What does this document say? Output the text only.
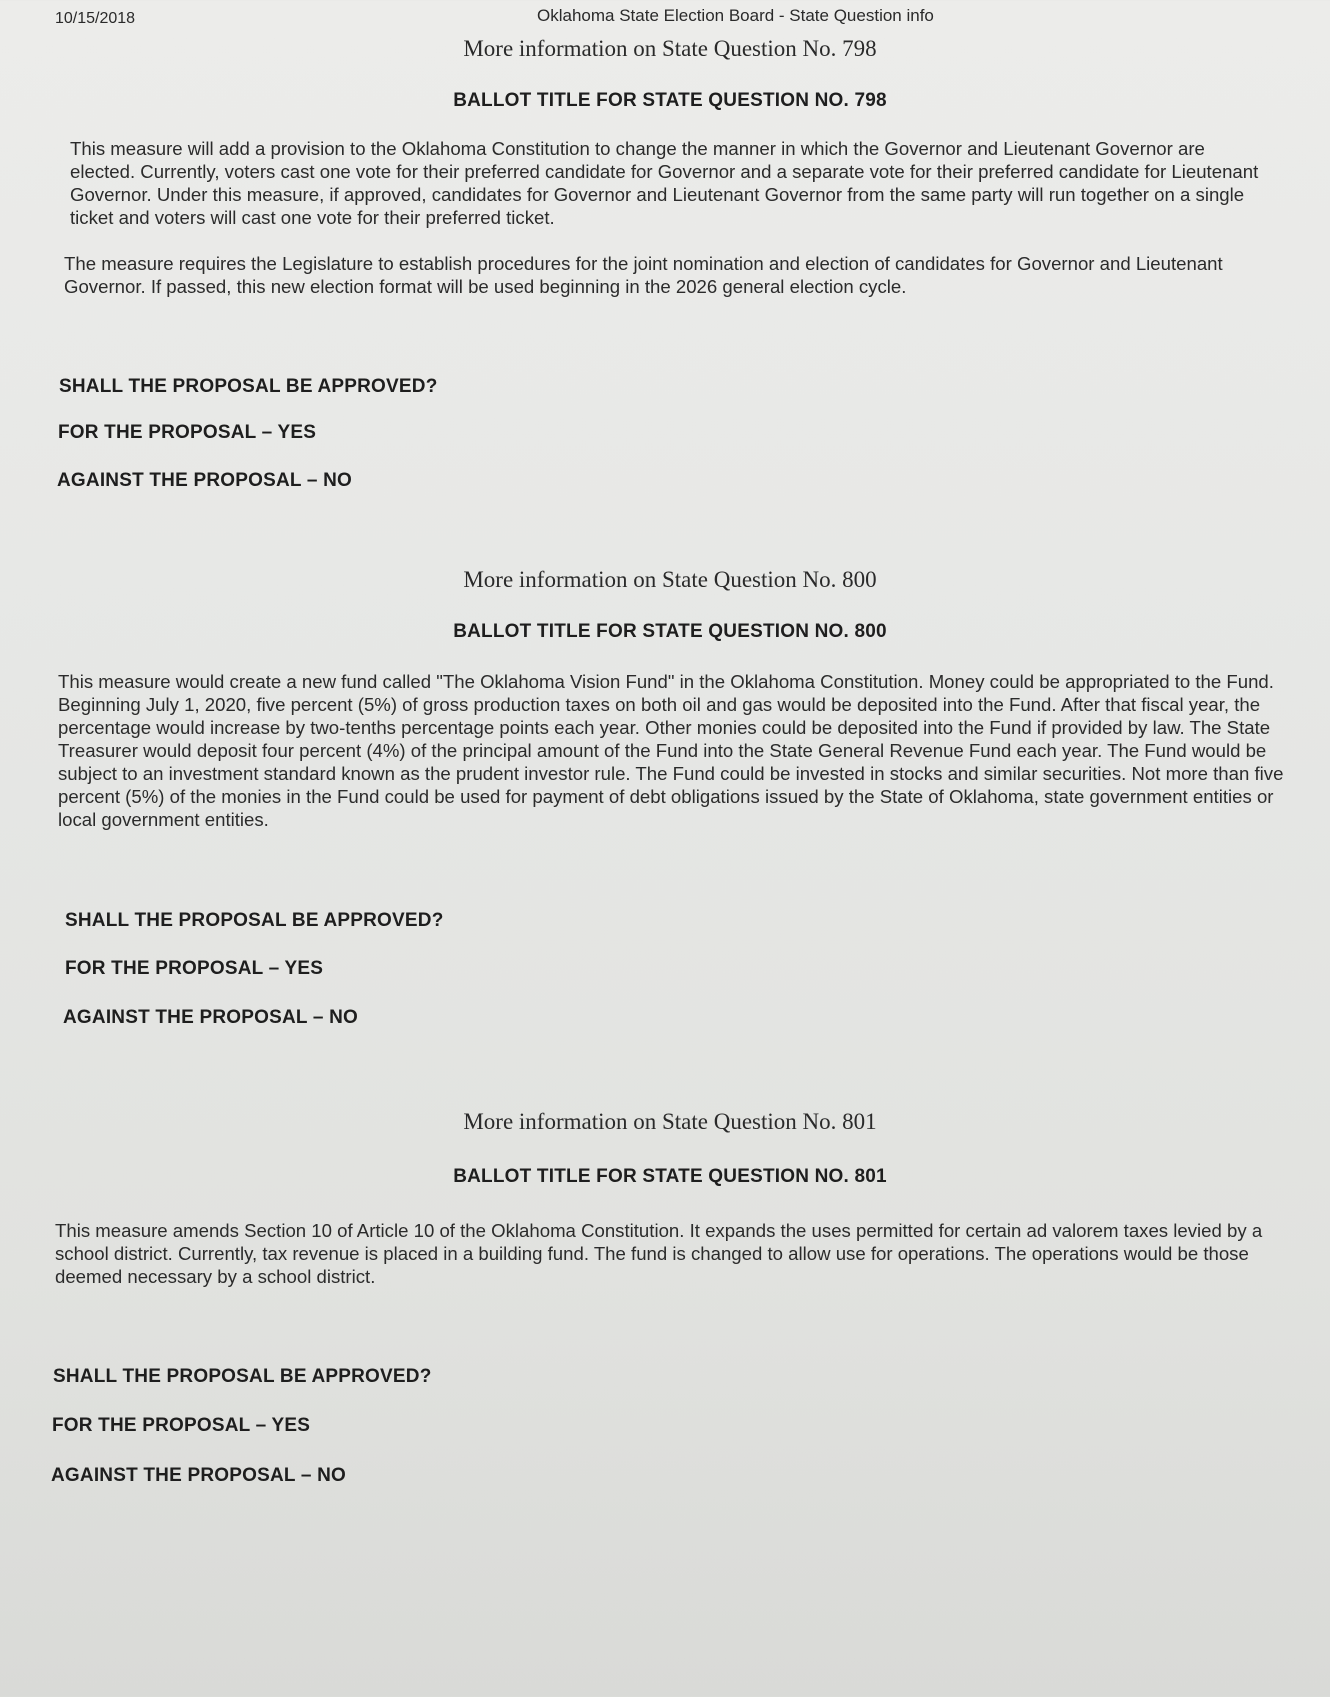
10/15/2018	Oklahoma State Election Board - State Question info
More information on State Question No. 798
BALLOT TITLE FOR STATE QUESTION NO. 798

This measure will add a provision to the Oklahoma Constitution to change the manner in which the Governor and Lieutenant Governor are elected. Currently, voters cast one vote for their preferred candidate for Governor and a separate vote for their preferred candidate for Lieutenant Governor. Under this measure, if approved, candidates for Governor and Lieutenant Governor from the same party will run together on a single ticket and voters will cast one vote for their preferred ticket.

The measure requires the Legislature to establish procedures for the joint nomination and election of candidates for Governor and Lieutenant Governor. If passed, this new election format will be used beginning in the 2026 general election cycle.

SHALL THE PROPOSAL BE APPROVED?
FOR THE PROPOSAL – YES
AGAINST THE PROPOSAL – NO
More information on State Question No. 800
BALLOT TITLE FOR STATE QUESTION NO. 800

This measure would create a new fund called "The Oklahoma Vision Fund" in the Oklahoma Constitution. Money could be appropriated to the Fund. Beginning July 1, 2020, five percent (5%) of gross production taxes on both oil and gas would be deposited into the Fund. After that fiscal year, the percentage would increase by two-tenths percentage points each year. Other monies could be deposited into the Fund if provided by law. The State Treasurer would deposit four percent (4%) of the principal amount of the Fund into the State General Revenue Fund each year. The Fund would be subject to an investment standard known as the prudent investor rule. The Fund could be invested in stocks and similar securities. Not more than five percent (5%) of the monies in the Fund could be used for payment of debt obligations issued by the State of Oklahoma, state government entities or local government entities.

SHALL THE PROPOSAL BE APPROVED?
FOR THE PROPOSAL – YES
AGAINST THE PROPOSAL – NO
More information on State Question No. 801
BALLOT TITLE FOR STATE QUESTION NO. 801

This measure amends Section 10 of Article 10 of the Oklahoma Constitution. It expands the uses permitted for certain ad valorem taxes levied by a school district. Currently, tax revenue is placed in a building fund. The fund is changed to allow use for operations. The operations would be those deemed necessary by a school district.

SHALL THE PROPOSAL BE APPROVED?
FOR THE PROPOSAL – YES
AGAINST THE PROPOSAL – NO
